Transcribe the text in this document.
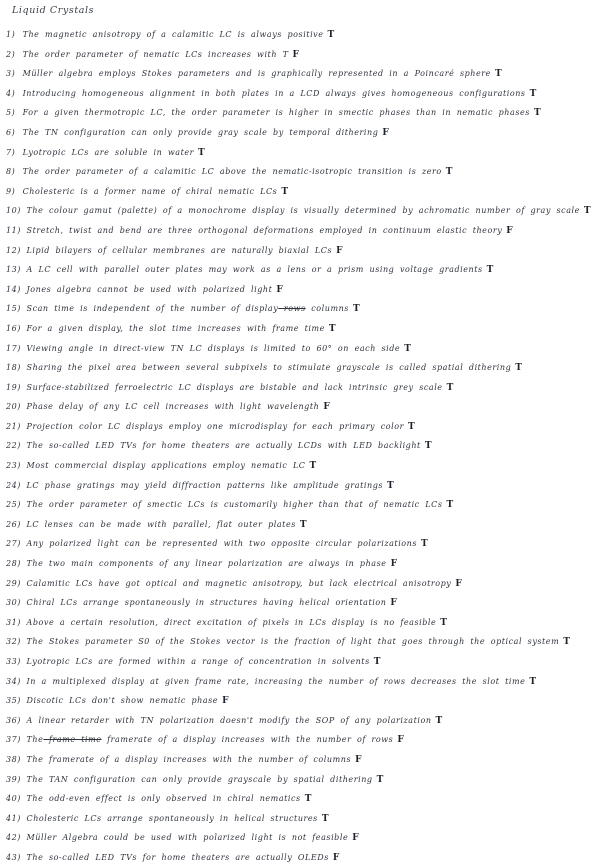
Liquid Crystals
1) The magnetic anisotropy of a calamitic LC is always positive T
2) The order parameter of nematic LCs increases with T F
3) Müller algebra employs Stokes parameters and is graphically represented in a Poincaré sphere T
4) Introducing homogeneous alignment in both plates in a LCD always gives homogeneous configurations T
5) For a given thermotropic LC, the order parameter is higher in smectic phases than in nematic phases T
6) The TN configuration can only provide gray scale by temporal dithering F
7) Lyotropic LCs are soluble in water T
8) The order parameter of a calamitic LC above the nematic-isotropic transition is zero T
9) Cholesteric is a former name of chiral nematic LCs T
10) The colour gamut (palette) of a monochrome display is visually determined by achromatic number of gray scale T
11) Stretch, twist and bend are three orthogonal deformations employed in continuum elastic theory F
12) Lipid bilayers of cellular membranes are naturally biaxial LCs F
13) A LC cell with parallel outer plates may work as a lens or a prism using voltage gradients T
14) Jones algebra cannot be used with polarized light F
15) Scan time is independent of the number of display rows columns T
16) For a given display, the slot time increases with frame time T
17) Viewing angle in direct-view TN LC displays is limited to 60° on each side T
18) Sharing the pixel area between several subpixels to stimulate grayscale is called spatial dithering T
19) Surface-stabilized ferroelectric LC displays are bistable and lack intrinsic grey scale T
20) Phase delay of any LC cell increases with light wavelength F
21) Projection color LC displays employ one microdisplay for each primary color T
22) The so-called LED TVs for home theaters are actually LCDs with LED backlight T
23) Most commercial display applications employ nematic LC T
24) LC phase gratings may yield diffraction patterns like amplitude gratings T
25) The order parameter of smectic LCs is customarily higher than that of nematic LCs T
26) LC lenses can be made with parallel, flat outer plates T
27) Any polarized light can be represented with two opposite circular polarizations T
28) The two main components of any linear polarization are always in phase F
29) Calamitic LCs have got optical and magnetic anisotropy, but lack electrical anisotropy F
30) Chiral LCs arrange spontaneously in structures having helical orientation F
31) Above a certain resolution, direct excitation of pixels in LCs display is no feasible T
32) The Stokes parameter S0 of the Stokes vector is the fraction of light that goes through the optical system T
33) Lyotropic LCs are formed within a range of concentration in solvents T
34) In a multiplexed display at given frame rate, increasing the number of rows decreases the slot time T
35) Discotic LCs don't show nematic phase F
36) A linear retarder with TN polarization doesn't modify the SOP of any polarization T
37) The frame time framerate of a display increases with the number of rows F
38) The framerate of a display increases with the number of columns F
39) The TAN configuration can only provide grayscale by spatial dithering T
40) The odd-even effect is only observed in chiral nematics T
41) Cholesteric LCs arrange spontaneously in helical structures T
42) Müller Algebra could be used with polarized light is not feasible F
43) The so-called LED TVs for home theaters are actually OLEDs F
